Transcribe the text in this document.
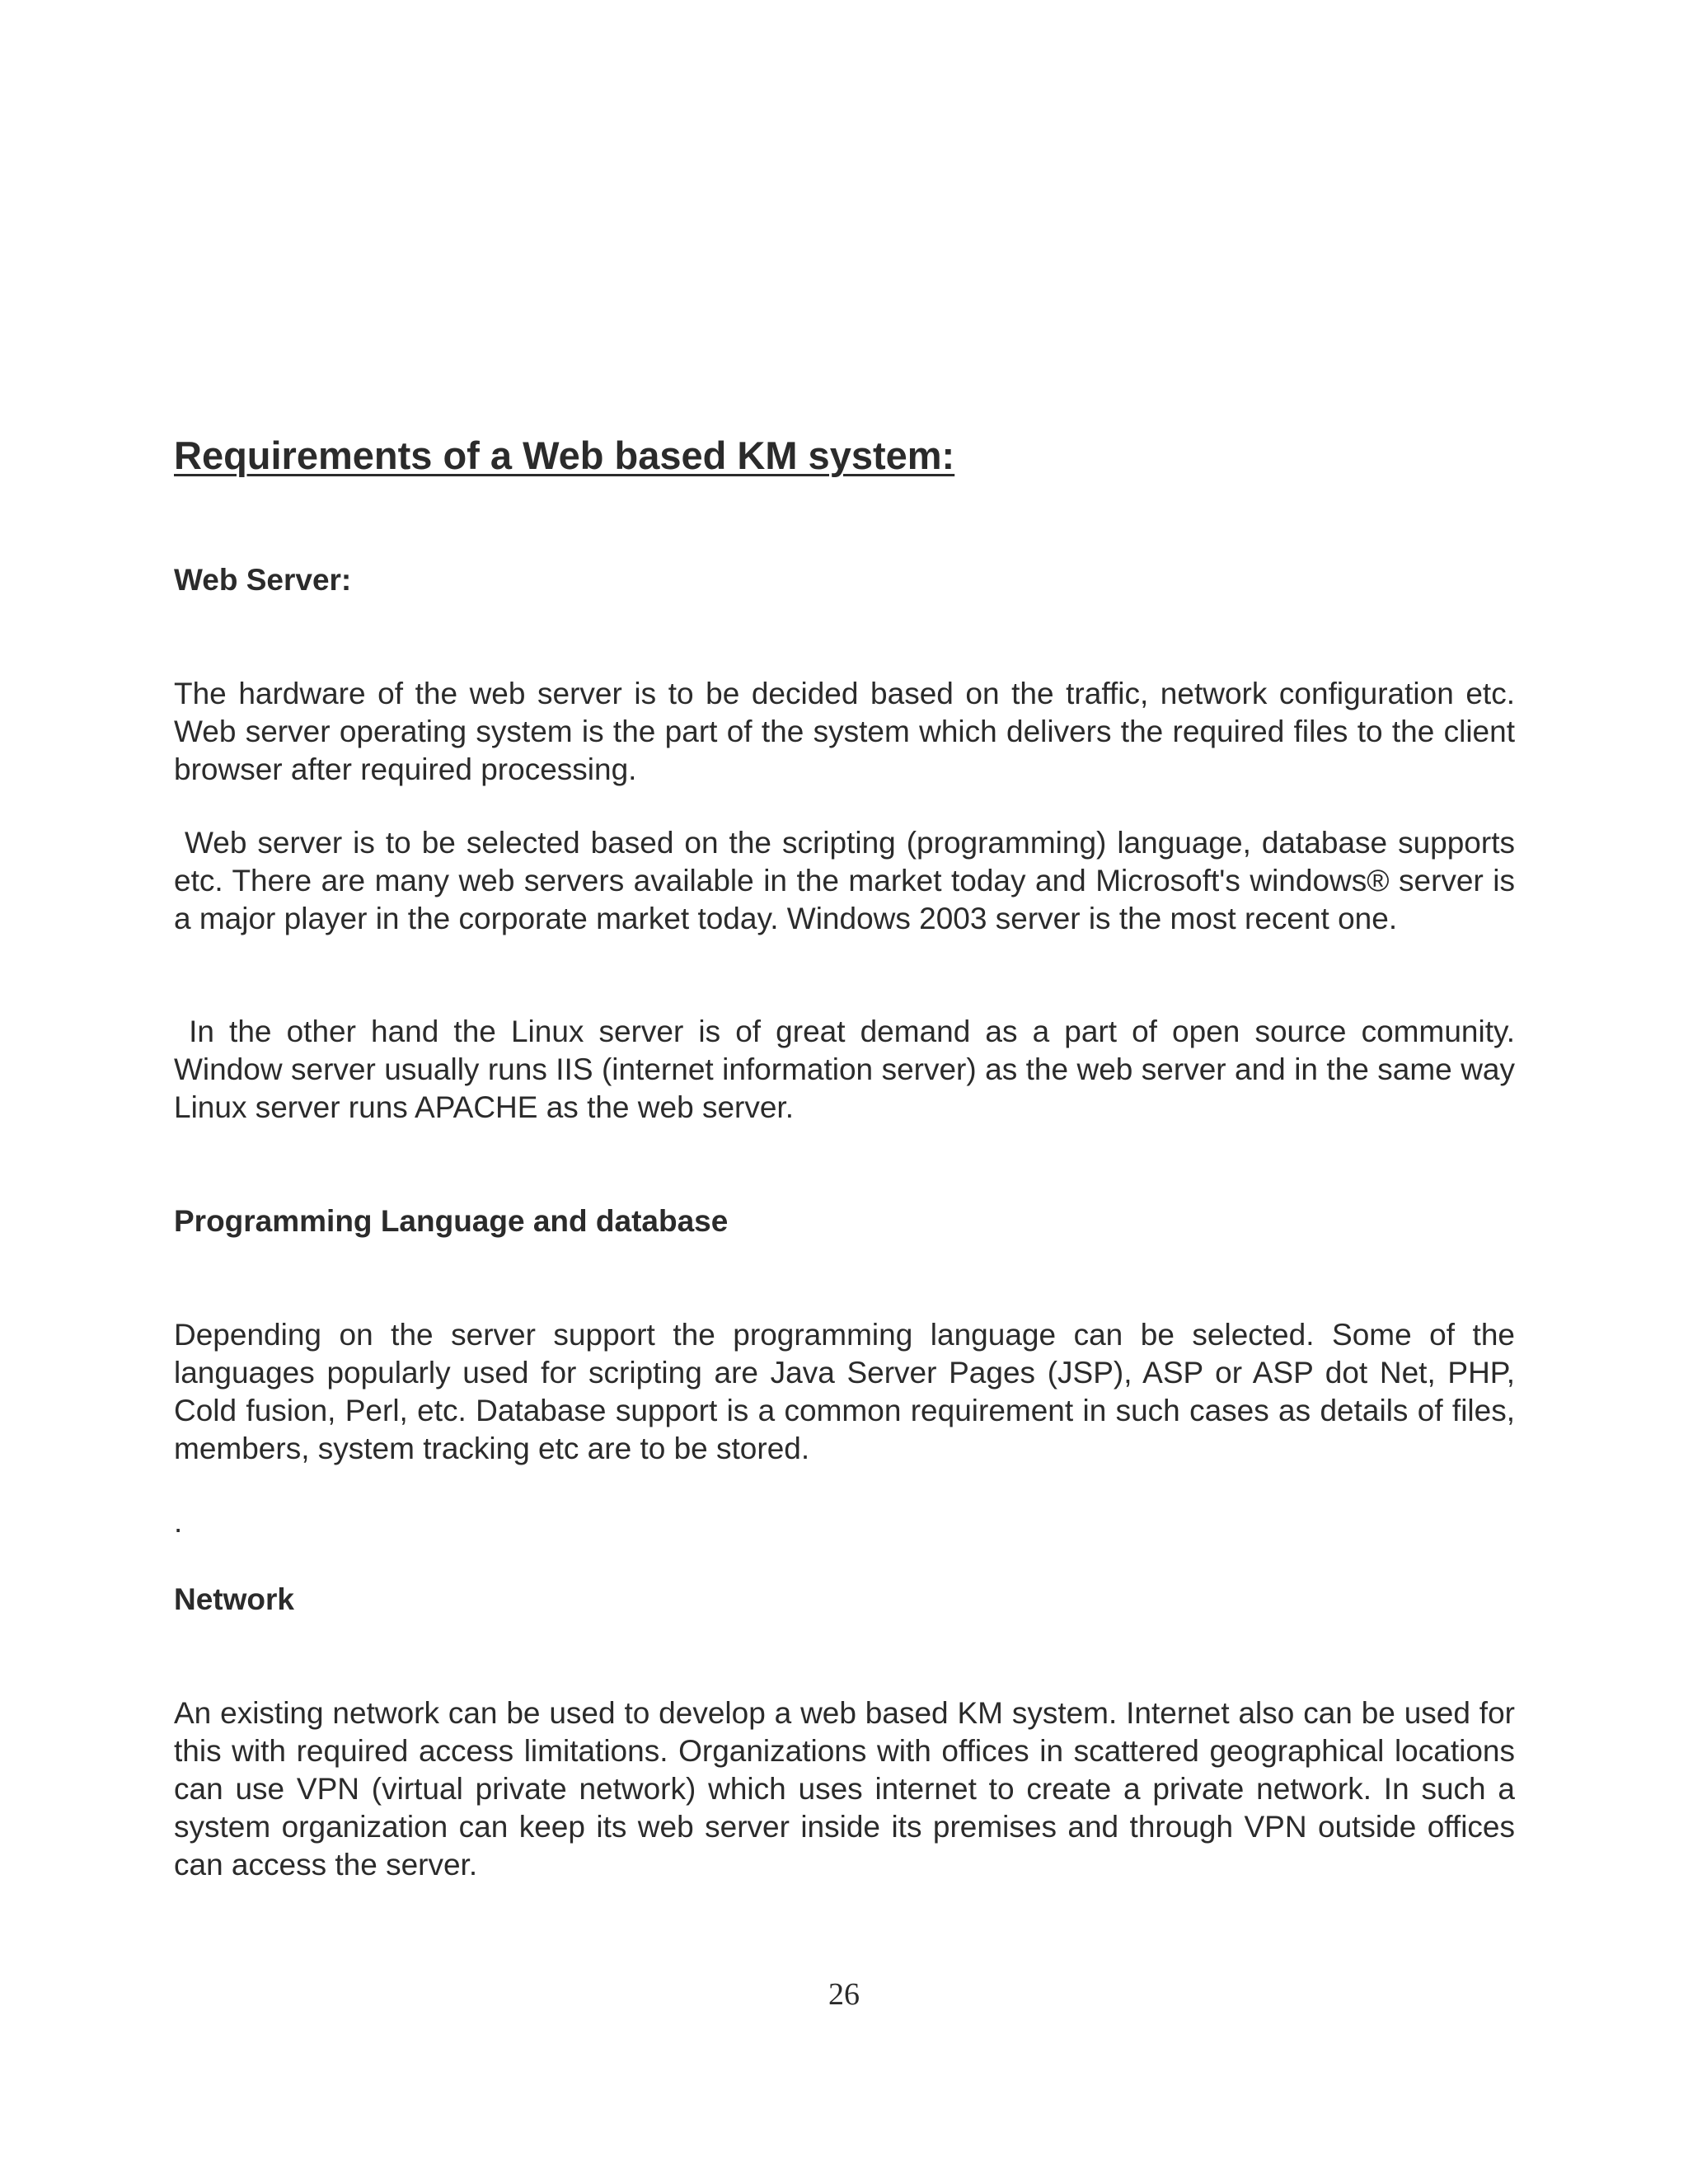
Requirements of a Web based KM system:
Web Server:

The hardware of the web server is to be decided based on the traffic, network configuration etc. Web server operating system is the part of the system which delivers the required files to the client browser after required processing.

Web server is to be selected based on the scripting (programming) language, database supports etc. There are many web servers available in the market today and Microsoft's windows® server is a major player in the corporate market today. Windows 2003 server is the most recent one.

In the other hand the Linux server is of great demand as a part of open source community. Window server usually runs IIS (internet information server) as the web server and in the same way Linux server runs APACHE as the web server.

Programming Language and database

Depending on the server support the programming language can be selected. Some of the languages popularly used for scripting are Java Server Pages (JSP), ASP or ASP dot Net, PHP, Cold fusion, Perl, etc. Database support is a common requirement in such cases as details of files, members, system tracking etc are to be stored.

.

Network

An existing network can be used to develop a web based KM system. Internet also can be used for this with required access limitations. Organizations with offices in scattered geographical locations can use VPN (virtual private network) which uses internet to create a private network. In such a system organization can keep its web server inside its premises and through VPN outside offices can access the server.

26
